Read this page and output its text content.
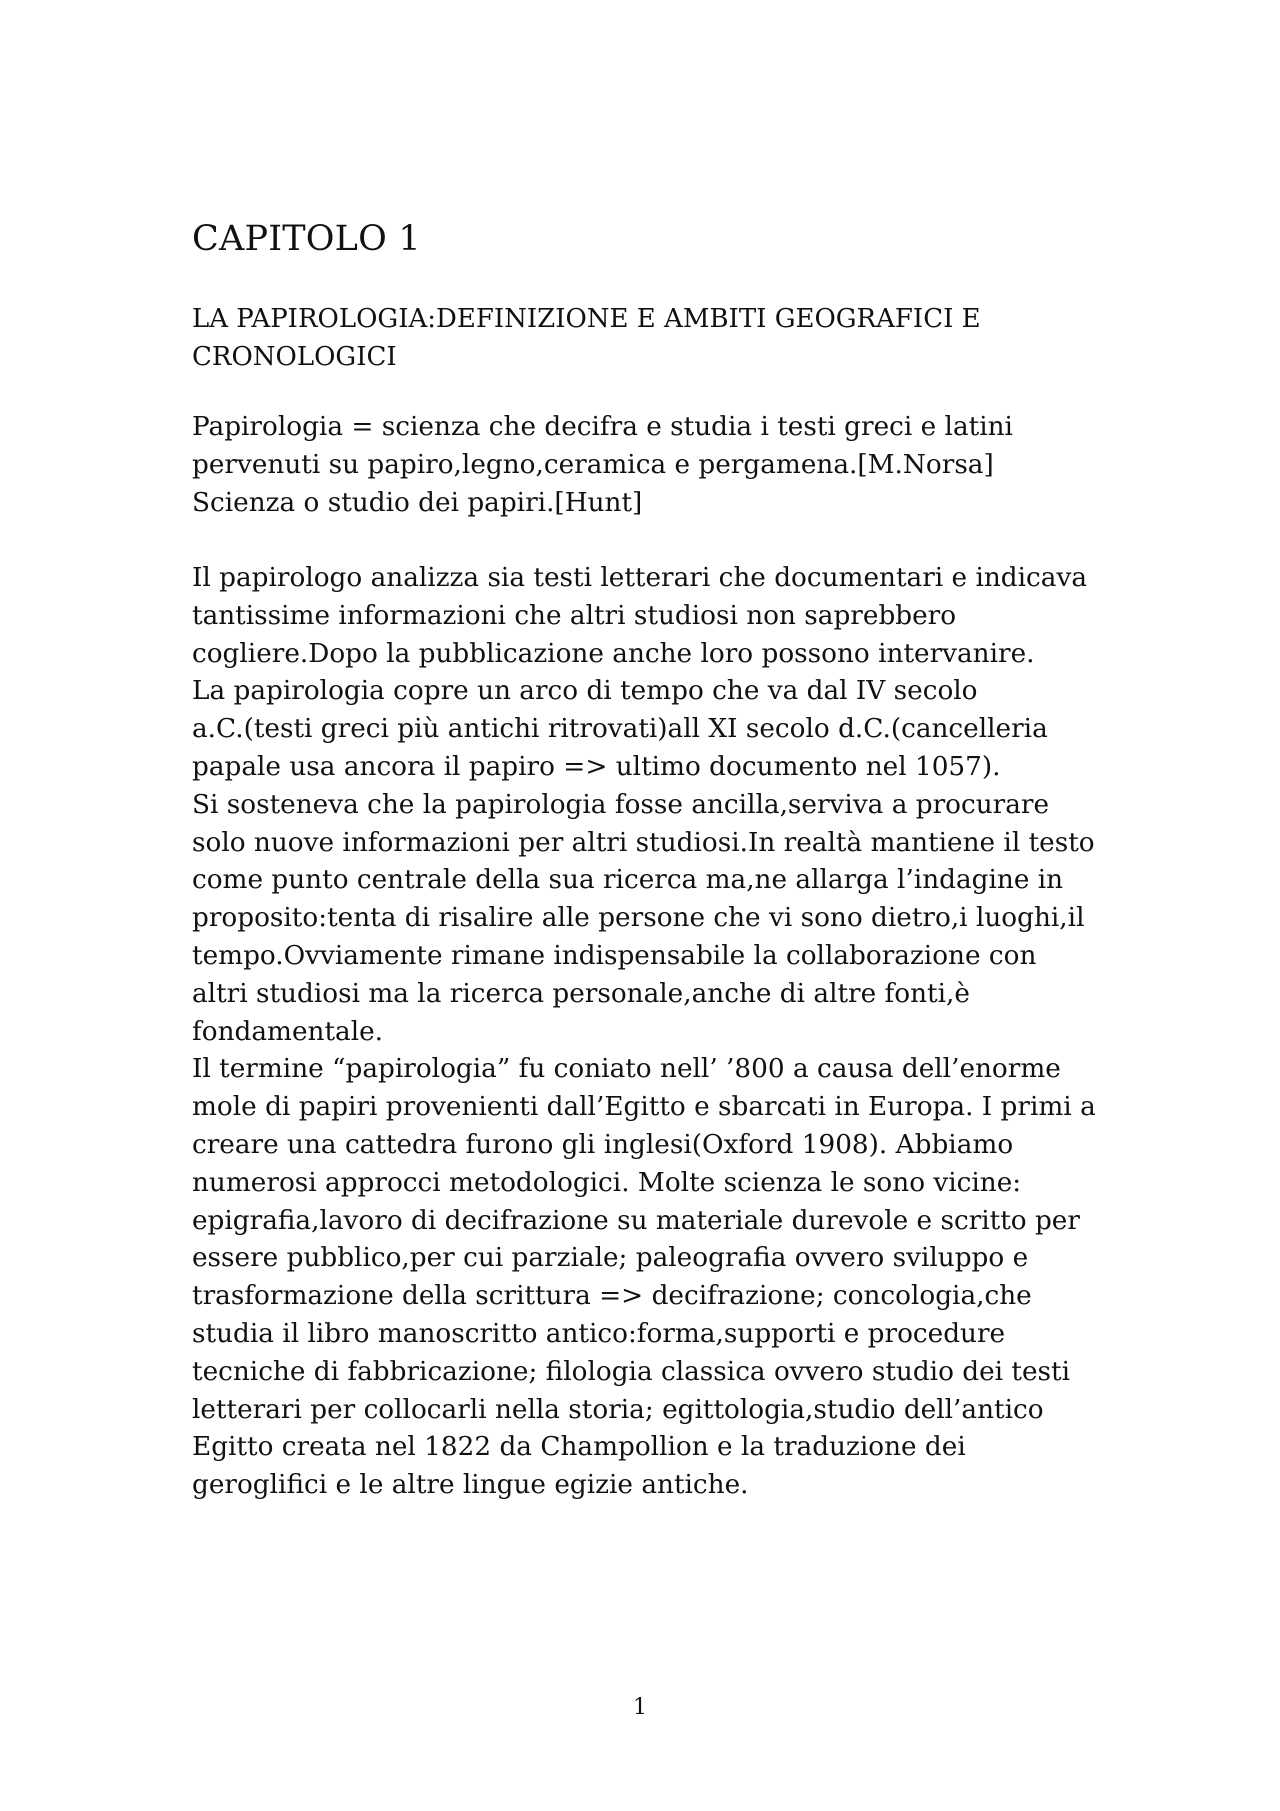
CAPITOLO 1
LA PAPIROLOGIA:DEFINIZIONE E AMBITI GEOGRAFICI E
CRONOLOGICI

Papirologia = scienza che decifra e studia i testi greci e latini
pervenuti su papiro,legno,ceramica e pergamena.[M.Norsa]
Scienza o studio dei papiri.[Hunt]

Il papirologo analizza sia testi letterari che documentari e indicava
tantissime informazioni che altri studiosi non saprebbero
cogliere.Dopo la pubblicazione anche loro possono intervanire.
La papirologia copre un arco di tempo che va dal IV secolo
a.C.(testi greci più antichi ritrovati)all XI secolo d.C.(cancelleria
papale usa ancora il papiro => ultimo documento nel 1057).
Si sosteneva che la papirologia fosse ancilla,serviva a procurare
solo nuove informazioni per altri studiosi.In realtà mantiene il testo
come punto centrale della sua ricerca ma,ne allarga l’indagine in
proposito:tenta di risalire alle persone che vi sono dietro,i luoghi,il
tempo.Ovviamente rimane indispensabile la collaborazione con
altri studiosi ma la ricerca personale,anche di altre fonti,è
fondamentale.
Il termine “papirologia” fu coniato nell’ ’800 a causa dell’enorme
mole di papiri provenienti dall’Egitto e sbarcati in Europa. I primi a
creare una cattedra furono gli inglesi(Oxford 1908). Abbiamo
numerosi approcci metodologici. Molte scienza le sono vicine:
epigrafia,lavoro di decifrazione su materiale durevole e scritto per
essere pubblico,per cui parziale; paleografia ovvero sviluppo e
trasformazione della scrittura => decifrazione; concologia,che
studia il libro manoscritto antico:forma,supporti e procedure
tecniche di fabbricazione; filologia classica ovvero studio dei testi
letterari per collocarli nella storia; egittologia,studio dell’antico
Egitto creata nel 1822 da Champollion e la traduzione dei
geroglifici e le altre lingue egizie antiche.

1
